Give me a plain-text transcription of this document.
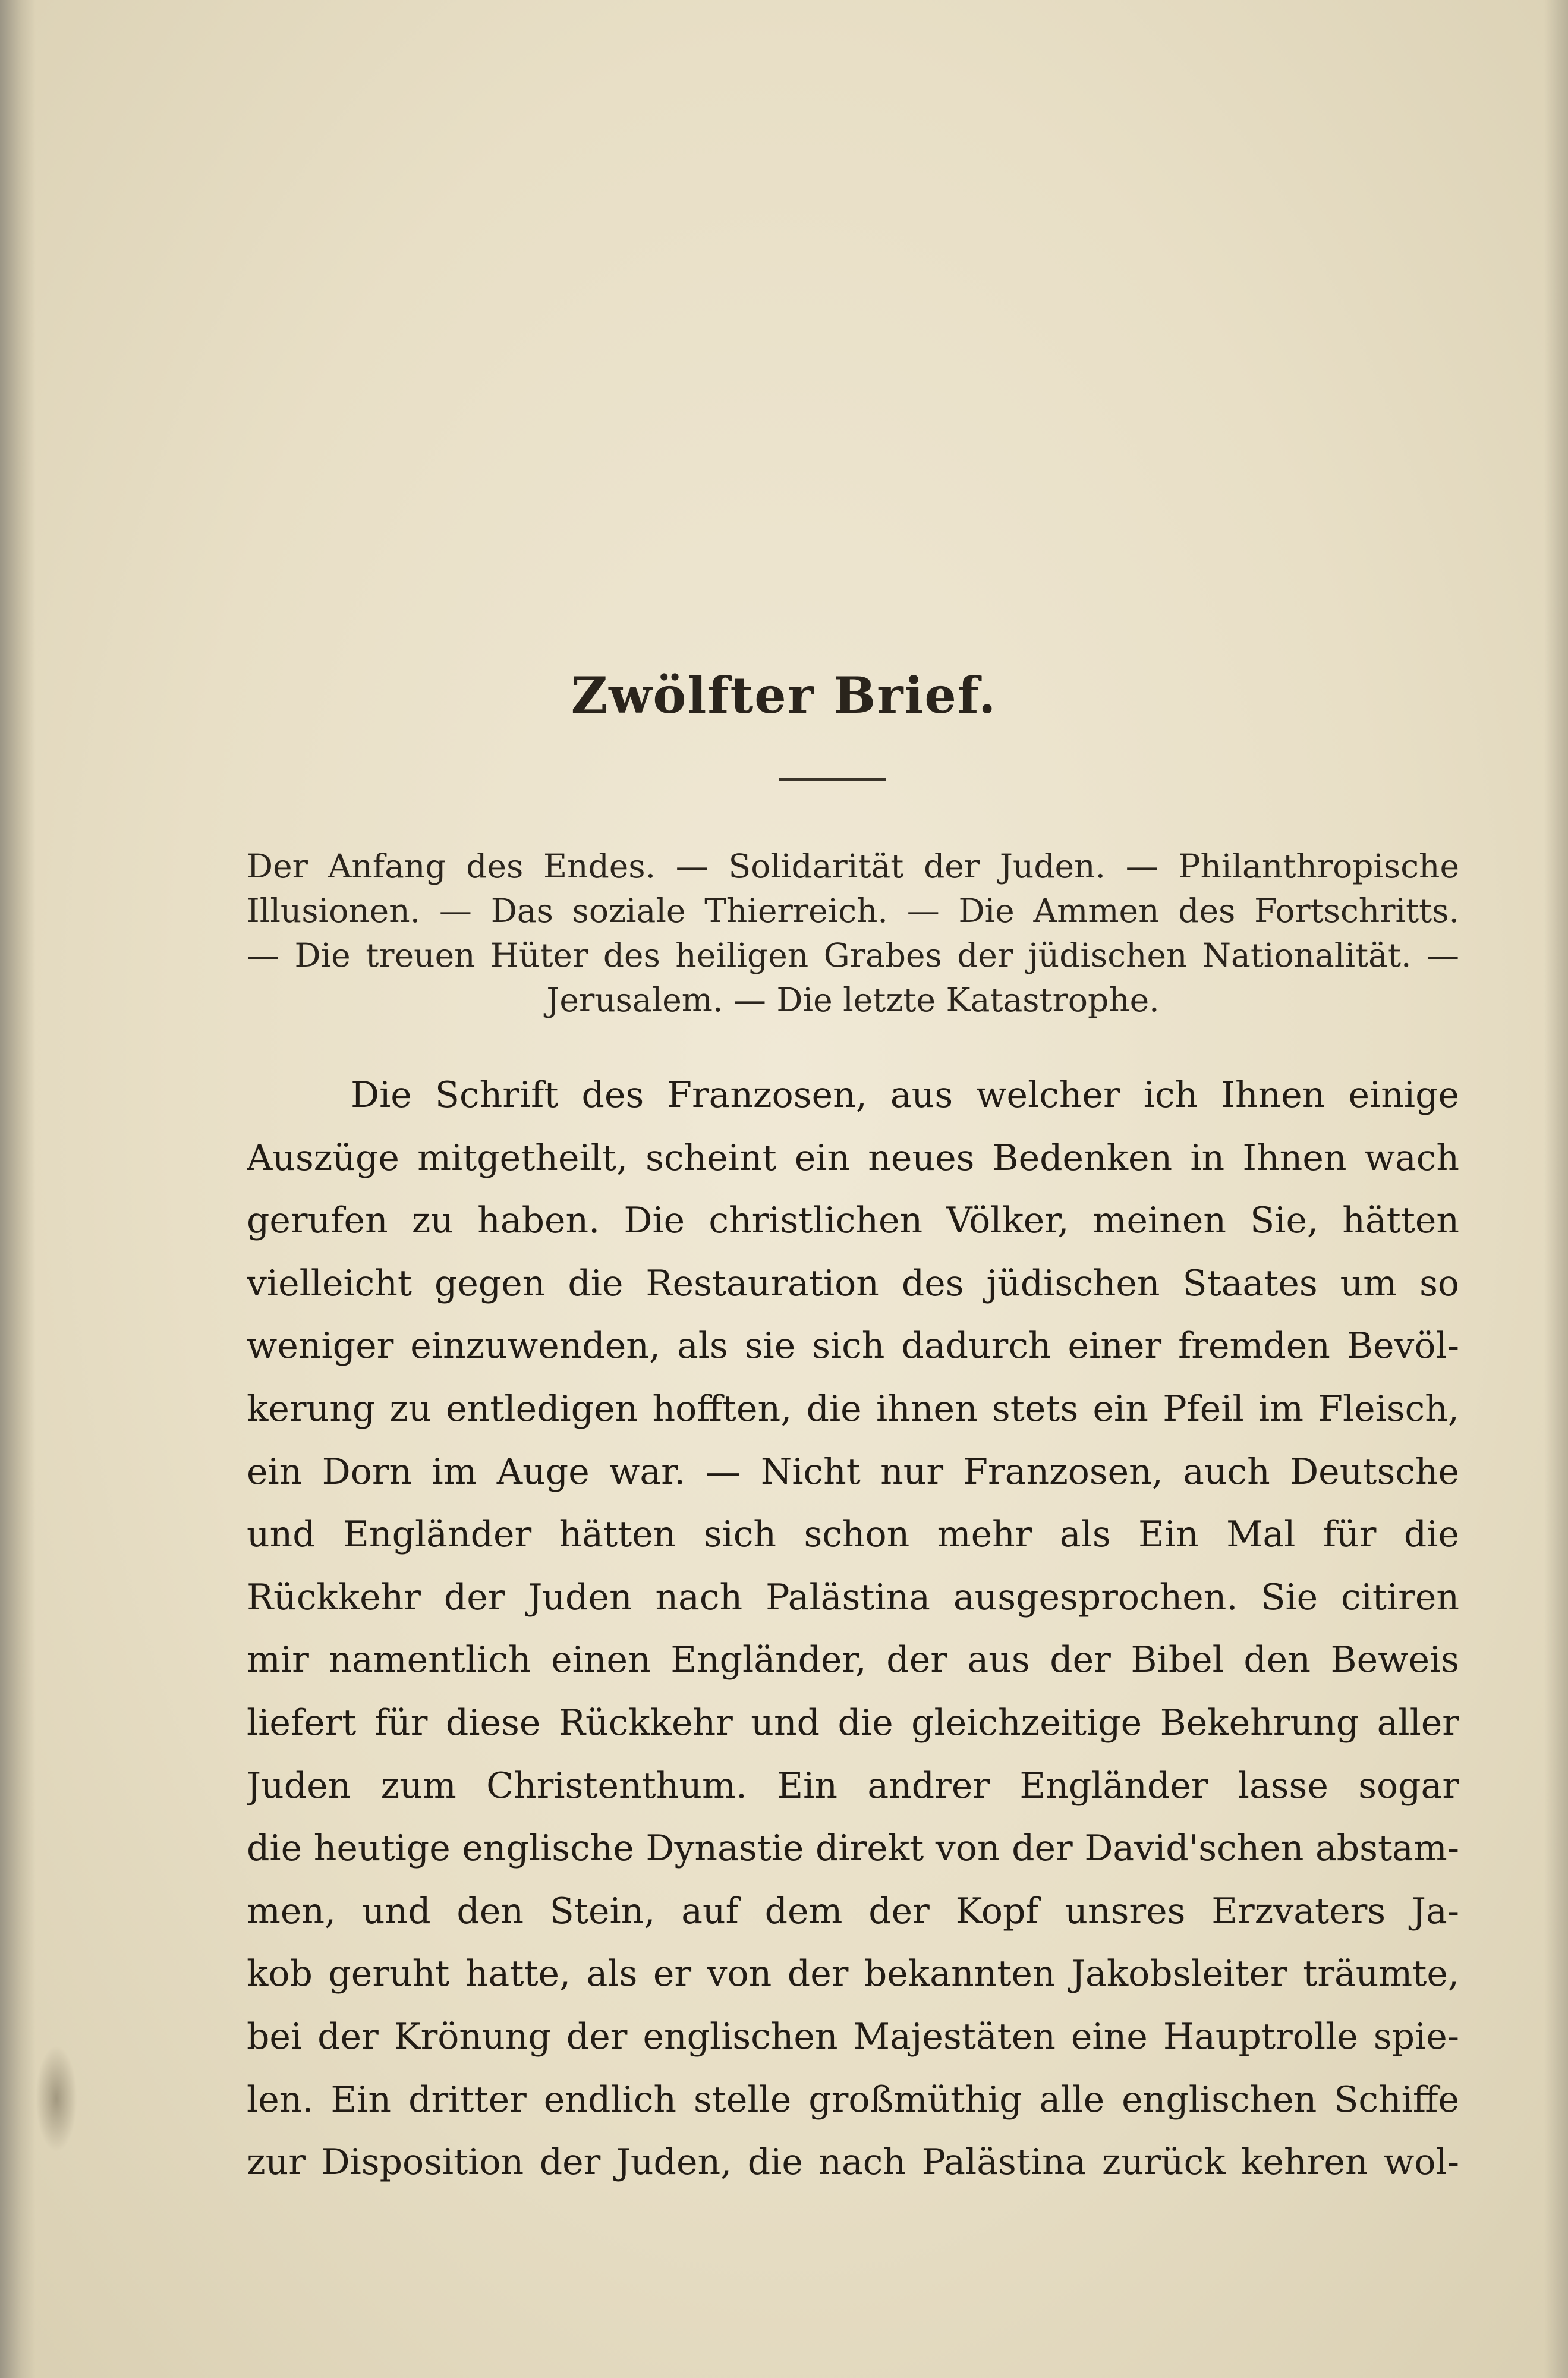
Zwölfter Brief.
Der Anfang des Endes. — Solidarität der Juden. — Philanthropische
Illusionen. — Das soziale Thierreich. — Die Ammen des Fortschritts.
— Die treuen Hüter des heiligen Grabes der jüdischen Nationalität. —
Jerusalem. — Die letzte Katastrophe.
Die Schrift des Franzosen, aus welcher ich Ihnen einige
Auszüge mitgetheilt, scheint ein neues Bedenken in Ihnen wach
gerufen zu haben. Die christlichen Völker, meinen Sie, hätten
vielleicht gegen die Restauration des jüdischen Staates um so
weniger einzuwenden, als sie sich dadurch einer fremden Bevöl-
kerung zu entledigen hofften, die ihnen stets ein Pfeil im Fleisch,
ein Dorn im Auge war. — Nicht nur Franzosen, auch Deutsche
und Engländer hätten sich schon mehr als Ein Mal für die
Rückkehr der Juden nach Palästina ausgesprochen. Sie citiren
mir namentlich einen Engländer, der aus der Bibel den Beweis
liefert für diese Rückkehr und die gleichzeitige Bekehrung aller
Juden zum Christenthum. Ein andrer Engländer lasse sogar
die heutige englische Dynastie direkt von der David'schen abstam-
men, und den Stein, auf dem der Kopf unsres Erzvaters Ja-
kob geruht hatte, als er von der bekannten Jakobsleiter träumte,
bei der Krönung der englischen Majestäten eine Hauptrolle spie-
len. Ein dritter endlich stelle großmüthig alle englischen Schiffe
zur Disposition der Juden, die nach Palästina zurück kehren wol-
